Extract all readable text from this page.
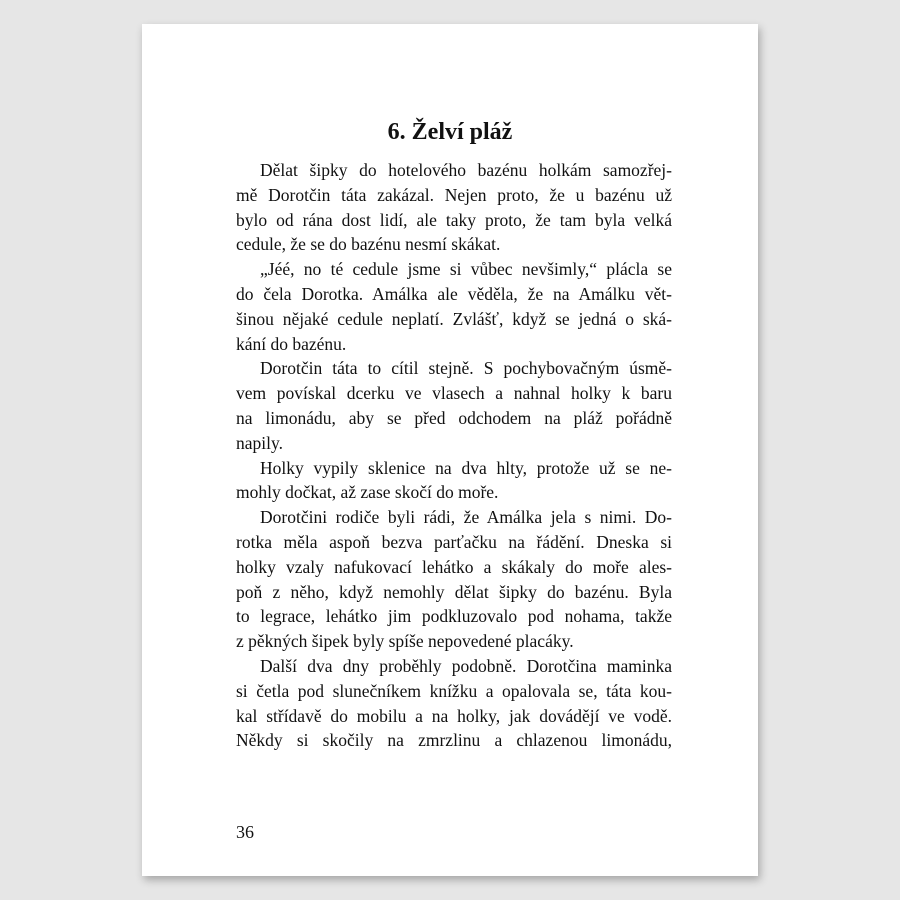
6. Želví pláž
Dělat šipky do hotelového bazénu holkám samozřej-
mě Dorotčin táta zakázal. Nejen proto, že u bazénu už
bylo od rána dost lidí, ale taky proto, že tam byla velká
cedule, že se do bazénu nesmí skákat.
„Jéé, no té cedule jsme si vůbec nevšimly,“ plácla se
do čela Dorotka. Amálka ale věděla, že na Amálku vět-
šinou nějaké cedule neplatí. Zvlášť, když se jedná o ská-
kání do bazénu.
Dorotčin táta to cítil stejně. S pochybovačným úsmě-
vem povískal dcerku ve vlasech a nahnal holky k baru
na limonádu, aby se před odchodem na pláž pořádně
napily.
Holky vypily sklenice na dva hlty, protože už se ne-
mohly dočkat, až zase skočí do moře.
Dorotčini rodiče byli rádi, že Amálka jela s nimi. Do-
rotka měla aspoň bezva parťačku na řádění. Dneska si
holky vzaly nafukovací lehátko a skákaly do moře ales-
poň z něho, když nemohly dělat šipky do bazénu. Byla
to legrace, lehátko jim podkluzovalo pod nohama, takže
z pěkných šipek byly spíše nepovedené placáky.
Další dva dny proběhly podobně. Dorotčina maminka
si četla pod slunečníkem knížku a opalovala se, táta kou-
kal střídavě do mobilu a na holky, jak dovádějí ve vodě.
Někdy si skočily na zmrzlinu a chlazenou limonádu,
36
